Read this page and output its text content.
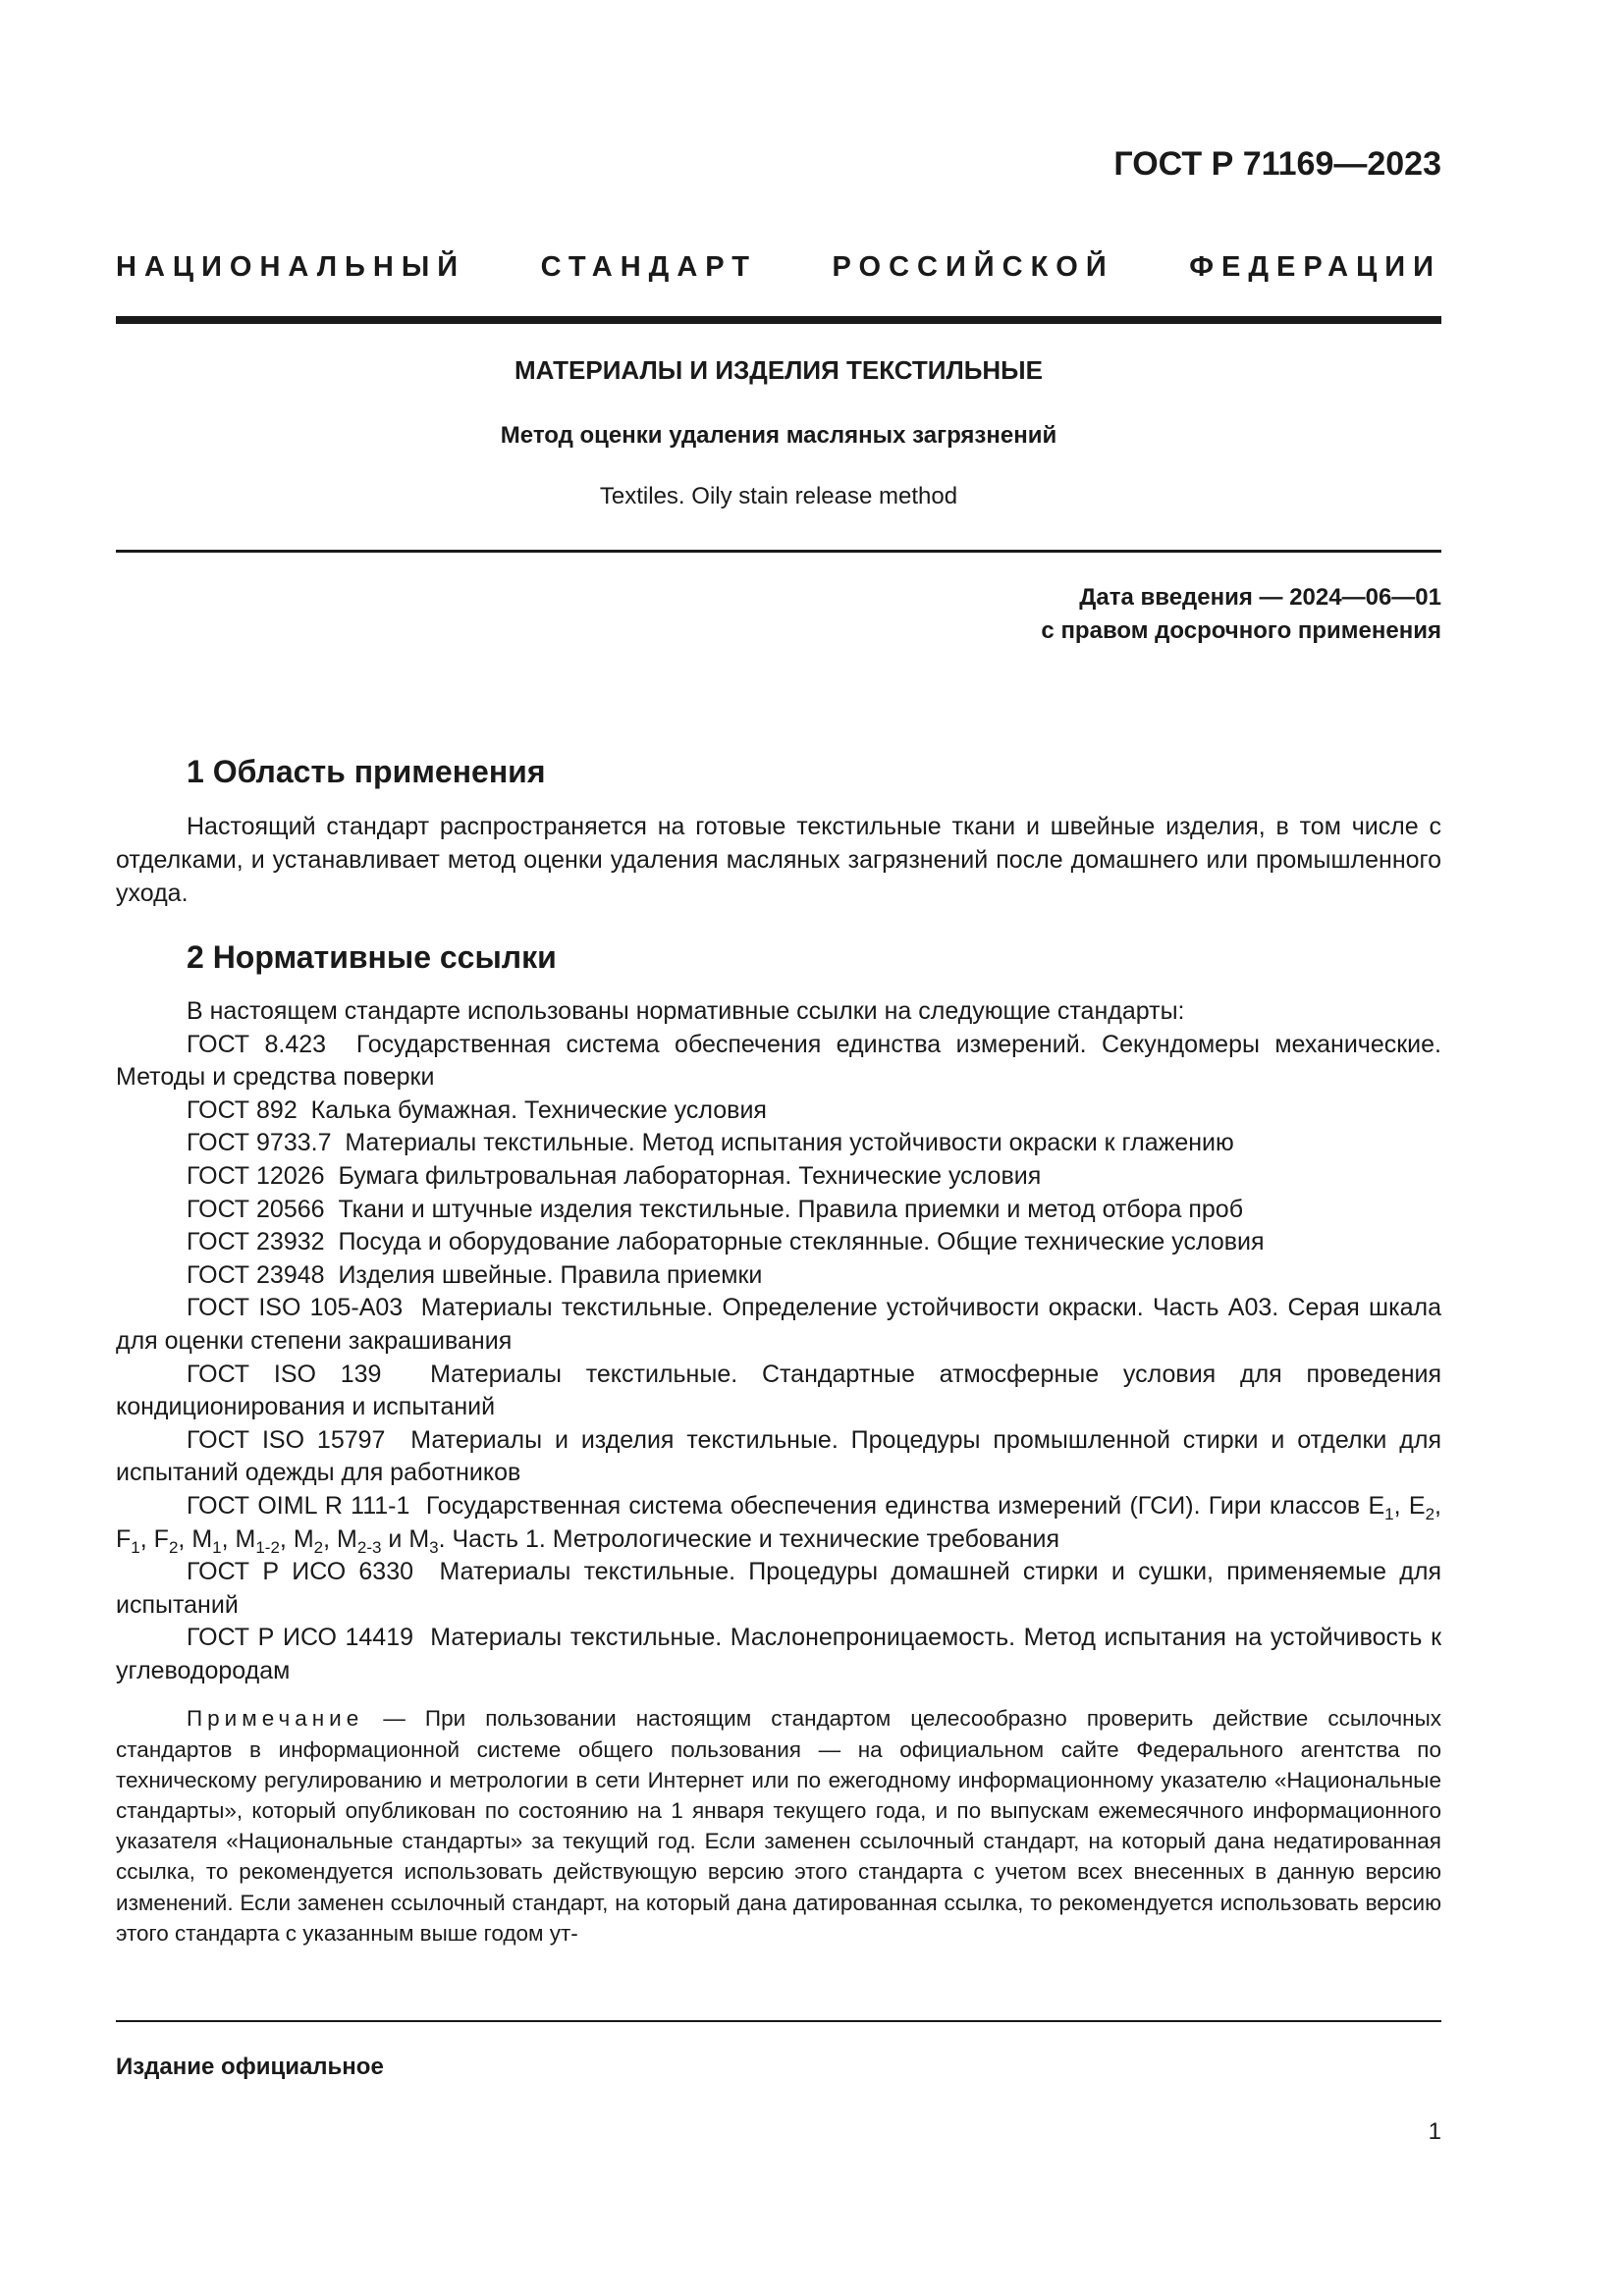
ГОСТ Р 71169—2023
НАЦИОНАЛЬНЫЙ СТАНДАРТ РОССИЙСКОЙ ФЕДЕРАЦИИ
МАТЕРИАЛЫ И ИЗДЕЛИЯ ТЕКСТИЛЬНЫЕ
Метод оценки удаления масляных загрязнений
Textiles. Oily stain release method
Дата введения — 2024—06—01
с правом досрочного применения
1 Область применения

Настоящий стандарт распространяется на готовые текстильные ткани и швейные изделия, в том числе с отделками, и устанавливает метод оценки удаления масляных загрязнений после домашнего или промышленного ухода.

2 Нормативные ссылки

В настоящем стандарте использованы нормативные ссылки на следующие стандарты:

ГОСТ 8.423 Государственная система обеспечения единства измерений. Секундомеры механические. Методы и средства поверки

ГОСТ 892 Калька бумажная. Технические условия

ГОСТ 9733.7 Материалы текстильные. Метод испытания устойчивости окраски к глажению

ГОСТ 12026 Бумага фильтровальная лабораторная. Технические условия

ГОСТ 20566 Ткани и штучные изделия текстильные. Правила приемки и метод отбора проб

ГОСТ 23932 Посуда и оборудование лабораторные стеклянные. Общие технические условия

ГОСТ 23948 Изделия швейные. Правила приемки

ГОСТ ISO 105-A03 Материалы текстильные. Определение устойчивости окраски. Часть А03. Серая шкала для оценки степени закрашивания

ГОСТ ISO 139 Материалы текстильные. Стандартные атмосферные условия для проведения кондиционирования и испытаний

ГОСТ ISO 15797 Материалы и изделия текстильные. Процедуры промышленной стирки и отделки для испытаний одежды для работников

ГОСТ OIML R 111-1 Государственная система обеспечения единства измерений (ГСИ). Гири классов $E_1$, $E_2$, $F_1$, $F_2$, $M_1$, $M_{1-2}$, $M_2$, $M_{2-3}$ и $M_3$. Часть 1. Метрологические и технические требования

ГОСТ Р ИСО 6330 Материалы текстильные. Процедуры домашней стирки и сушки, применяемые для испытаний

ГОСТ Р ИСО 14419 Материалы текстильные. Маслонепроницаемость. Метод испытания на устойчивость к углеводородам

Примечание — При пользовании настоящим стандартом целесообразно проверить действие ссылочных стандартов в информационной системе общего пользования — на официальном сайте Федерального агентства по техническому регулированию и метрологии в сети Интернет или по ежегодному информационному указателю «Национальные стандарты», который опубликован по состоянию на 1 января текущего года, и по выпускам ежемесячного информационного указателя «Национальные стандарты» за текущий год. Если заменен ссылочный стандарт, на который дана недатированная ссылка, то рекомендуется использовать действующую версию этого стандарта с учетом всех внесенных в данную версию изменений. Если заменен ссылочный стандарт, на который дана датированная ссылка, то рекомендуется использовать версию этого стандарта с указанным выше годом ут-

Издание официальное
1
